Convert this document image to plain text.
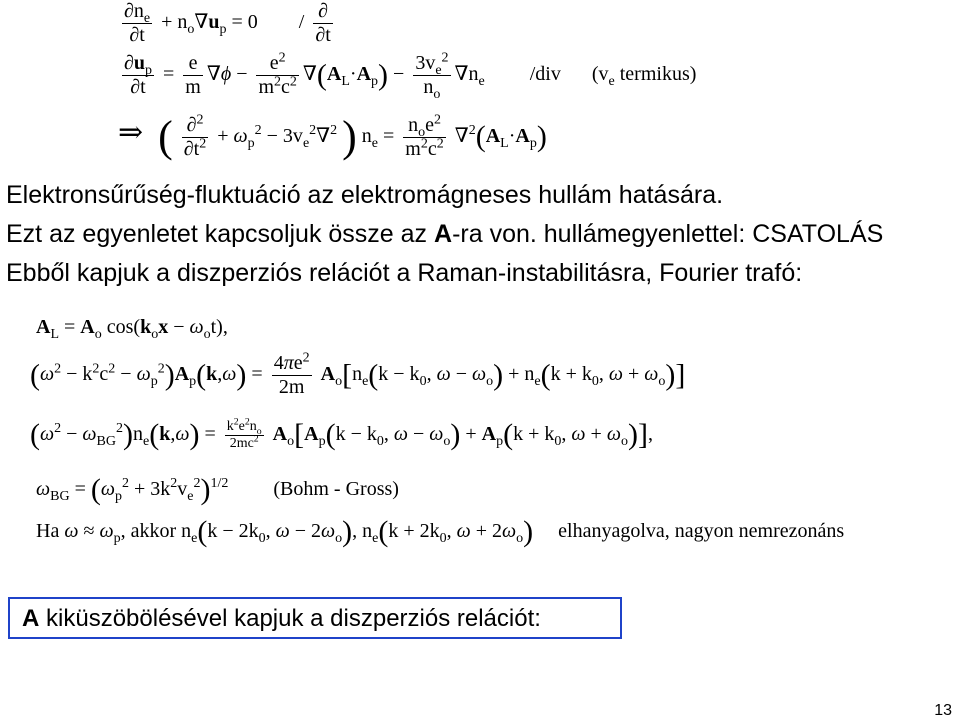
$\frac{\partial n_e}{\partial t} + n_o\nabla u_p = 0 / \frac{\partial}{\partial t}$
$\frac{\partial u_p}{\partial t} = \frac{e}{m} \nabla\phi - \frac{e^2}{m^2c^2} \nabla(A_L\cdot A_p) - \frac{3v_e^2}{n_o} \nabla n_e$ /div ($v_e$ termikus)
⇒ ( $\frac{\partial^2}{\partial t^2} + \omega_p^2 - 3v_e^2\nabla^2$ ) $n_e = \frac{n_oe^2}{m^2c^2} \nabla^2(A_L\cdot A_p)$
Elektronsűrűség-fluktuáció az elektromágneses hullám hatására.
Ezt az egyenletet kapcsoljuk össze az A-ra von. hullámegyenlettel: CSATOLÁS
Ebből kapjuk a diszperziós relációt a Raman-instabilitásra, Fourier trafó:
$A_L = A_o$ $\cos(k_ox - \omega_ot)$,
$(\omega^2 - k^2c^2 - \omega_p^2)A_p(k,\omega) = \frac{4\pi e^2}{2m} A_o[n_e(k - k_0$, $\omega - \omega_o) + n_e(k + k_0$, $\omega + \omega_o$)]
$(\omega^2 - \omega_{BG}^2)n_e(k,\omega) = \frac{k^2e^2n_o}{2mc^2} A_o[A_p(k - k_0$, $\omega - \omega_o) + A_p(k + k_0$, $\omega + \omega_o$)],
$\omega_{BG} = (\omega_p^2 + 3k^2v_e^2)^{1/2}$ (Bohm - Gross)
Ha $\omega \approx \omega_p$, akkor $n_e(k - 2k_0$, $\omega - 2\omega_o$), $n_e(k + 2k_0$, $\omega + 2\omega_o$) elhanyagolva, nagyon nemrezonáns
A kiküszöbölésével kapjuk a diszperziós relációt:
13
